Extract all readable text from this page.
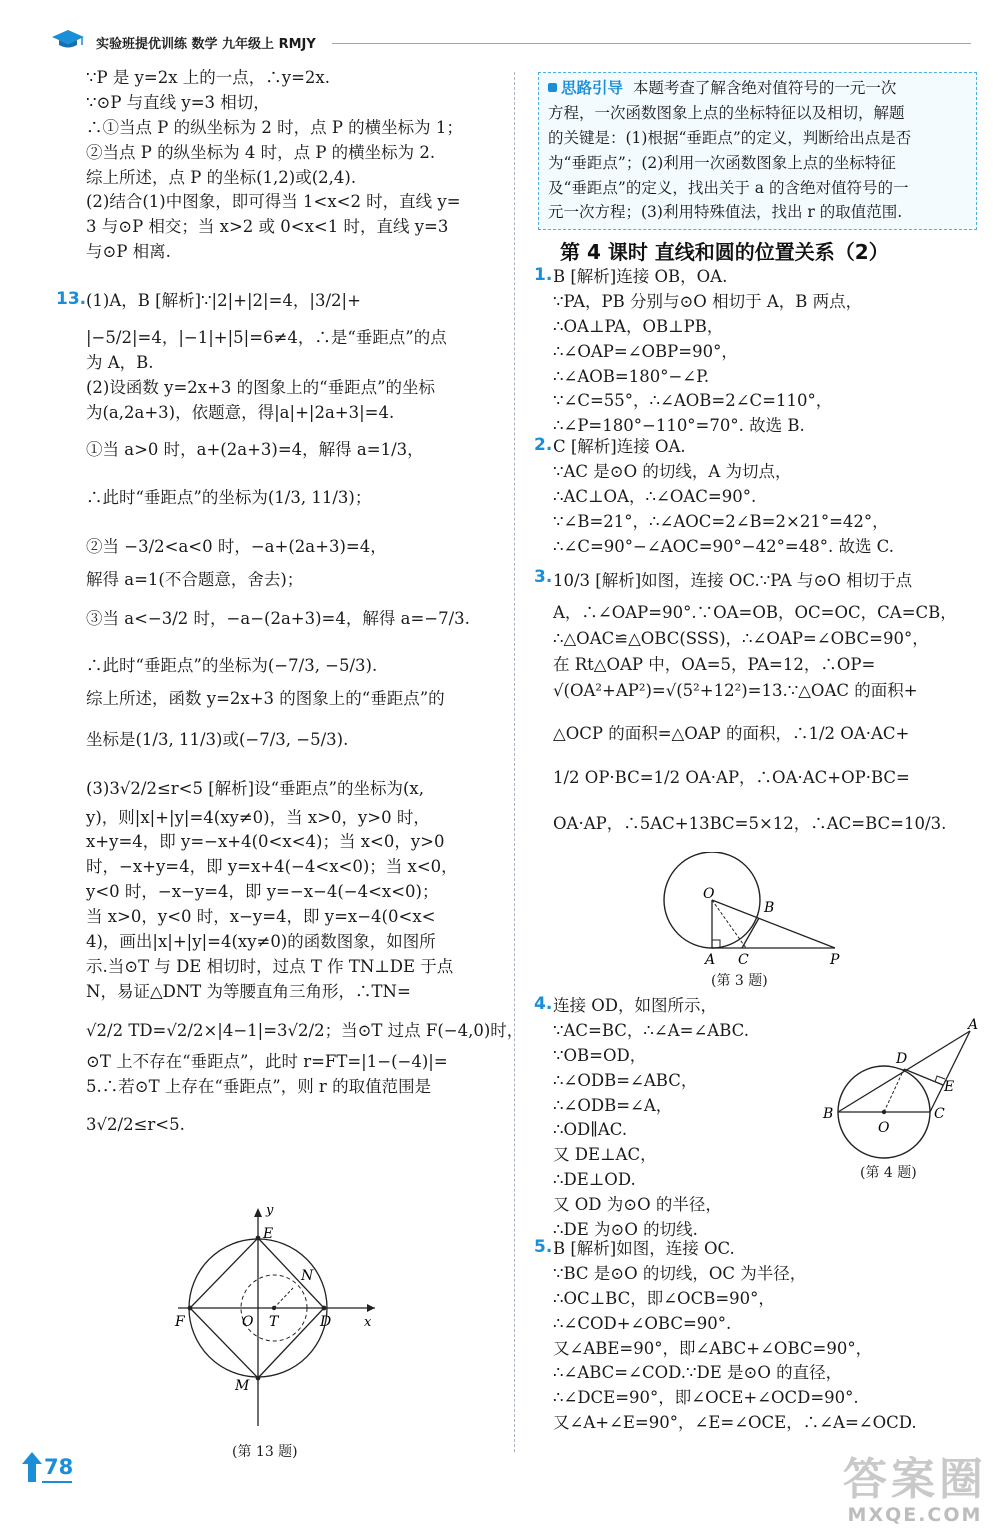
实验班提优训练 数学 九年级上 RMJY
13.
∵P 是 y=2x 上的一点，∴y=2x.
∵⊙P 与直线 y=3 相切，
∴①当点 P 的纵坐标为 2 时，点 P 的横坐标为 1；
②当点 P 的纵坐标为 4 时，点 P 的横坐标为 2.
综上所述，点 P 的坐标(1,2)或(2,4).
(2)结合(1)中图象，即可得当 1<x<2 时，直线 y=
3 与⊙P 相交；当 x>2 或 0<x<1 时，直线 y=3
与⊙P 相离.
(1)A，B [解析]∵|2|+|2|=4，|3/2|+
|−5/2|=4，|−1|+|5|=6≠4，∴是“垂距点”的点
为 A，B.
(2)设函数 y=2x+3 的图象上的“垂距点”的坐标
为(a,2a+3)，依题意，得|a|+|2a+3|=4.
①当 a>0 时，a+(2a+3)=4，解得 a=1/3，
∴此时“垂距点”的坐标为(1/3, 11/3)；
②当 −3/2<a<0 时，−a+(2a+3)=4，
解得 a=1(不合题意，舍去)；
③当 a<−3/2 时，−a−(2a+3)=4，解得 a=−7/3.
∴此时“垂距点”的坐标为(−7/3, −5/3).
综上所述，函数 y=2x+3 的图象上的“垂距点”的
坐标是(1/3, 11/3)或(−7/3, −5/3).
(3)3√2/2≤r<5 [解析]设“垂距点”的坐标为(x,
y)，则|x|+|y|=4(xy≠0)，当 x>0，y>0 时，
x+y=4，即 y=−x+4(0<x<4)；当 x<0，y>0
时，−x+y=4，即 y=x+4(−4<x<0)；当 x<0，
y<0 时，−x−y=4，即 y=−x−4(−4<x<0)；
当 x>0，y<0 时，x−y=4，即 y=x−4(0<x<
4)，画出|x|+|y|=4(xy≠0)的函数图象，如图所
示.当⊙T 与 DE 相切时，过点 T 作 TN⊥DE 于点
N，易证△DNT 为等腰直角三角形，∴TN=
√2/2 TD=√2/2×|4−1|=3√2/2；当⊙T 过点 F(−4,0)时，
⊙T 上不存在“垂距点”，此时 r=FT=|1−(−4)|=
5.∴若⊙T 上存在“垂距点”，则 r 的取值范围是
3√2/2≤r<5.
y
x
E
N
F	O T	D
M
(第 13 题)
思路引导 本题考查了解含绝对值符号的一元一次
方程，一次函数图象上点的坐标特征以及相切，解题
的关键是：(1)根据“垂距点”的定义，判断给出点是否
为“垂距点”；(2)利用一次函数图象上点的坐标特征
及“垂距点”的定义，找出关于 a 的含绝对值符号的一
元一次方程；(3)利用特殊值法，找出 r 的取值范围.
第 4 课时 直线和圆的位置关系（2）
1. B [解析]连接 OB，OA.
∵PA，PB 分别与⊙O 相切于 A，B 两点，
∴OA⊥PA，OB⊥PB，
∴∠OAP=∠OBP=90°，
∴∠AOB=180°−∠P.
∵∠C=55°，∴∠AOB=2∠C=110°，
∴∠P=180°−110°=70°. 故选 B.
2. C [解析]连接 OA.
∵AC 是⊙O 的切线，A 为切点，
∴AC⊥OA，∴∠OAC=90°.
∵∠B=21°，∴∠AOC=2∠B=2×21°=42°，
∴∠C=90°−∠AOC=90°−42°=48°. 故选 C.
3. 10/3 [解析]如图，连接 OC.∵PA 与⊙O 相切于点
A，∴∠OAP=90°.∵OA=OB，OC=OC，CA=CB，
∴△OAC≌△OBC(SSS)，∴∠OAP=∠OBC=90°，
在 Rt△OAP 中，OA=5，PA=12，∴OP=
√(OA²+AP²)=√(5²+12²)=13.∵△OAC 的面积+
△OCP 的面积=△OAP 的面积，∴1/2 OA·AC+
1/2 OP·BC=1/2 OA·AP，∴OA·AC+OP·BC=
OA·AP，∴5AC+13BC=5×12，∴AC=BC=10/3.
O
B
A C	P
(第 3 题)
4. 连接 OD，如图所示，
∵AC=BC，∴∠A=∠ABC.
∵OB=OD，
∴∠ODB=∠ABC，
∴∠ODB=∠A，
∴OD∥AC.
又 DE⊥AC，
∴DE⊥OD.
又 OD 为⊙O 的半径，
∴DE 为⊙O 的切线.
A
D
E
B
O
C
(第 4 题)
5. B [解析]如图，连接 OC.
∵BC 是⊙O 的切线，OC 为半径，
∴OC⊥BC，即∠OCB=90°，
∴∠COD+∠OBC=90°.
又∠ABE=90°，即∠ABC+∠OBC=90°，
∴∠ABC=∠COD.∵DE 是⊙O 的直径，
∴∠DCE=90°，即∠OCE+∠OCD=90°.
又∠A+∠E=90°，∠E=∠OCE，∴∠A=∠OCD.
78	答案圈
MXQE.COM
